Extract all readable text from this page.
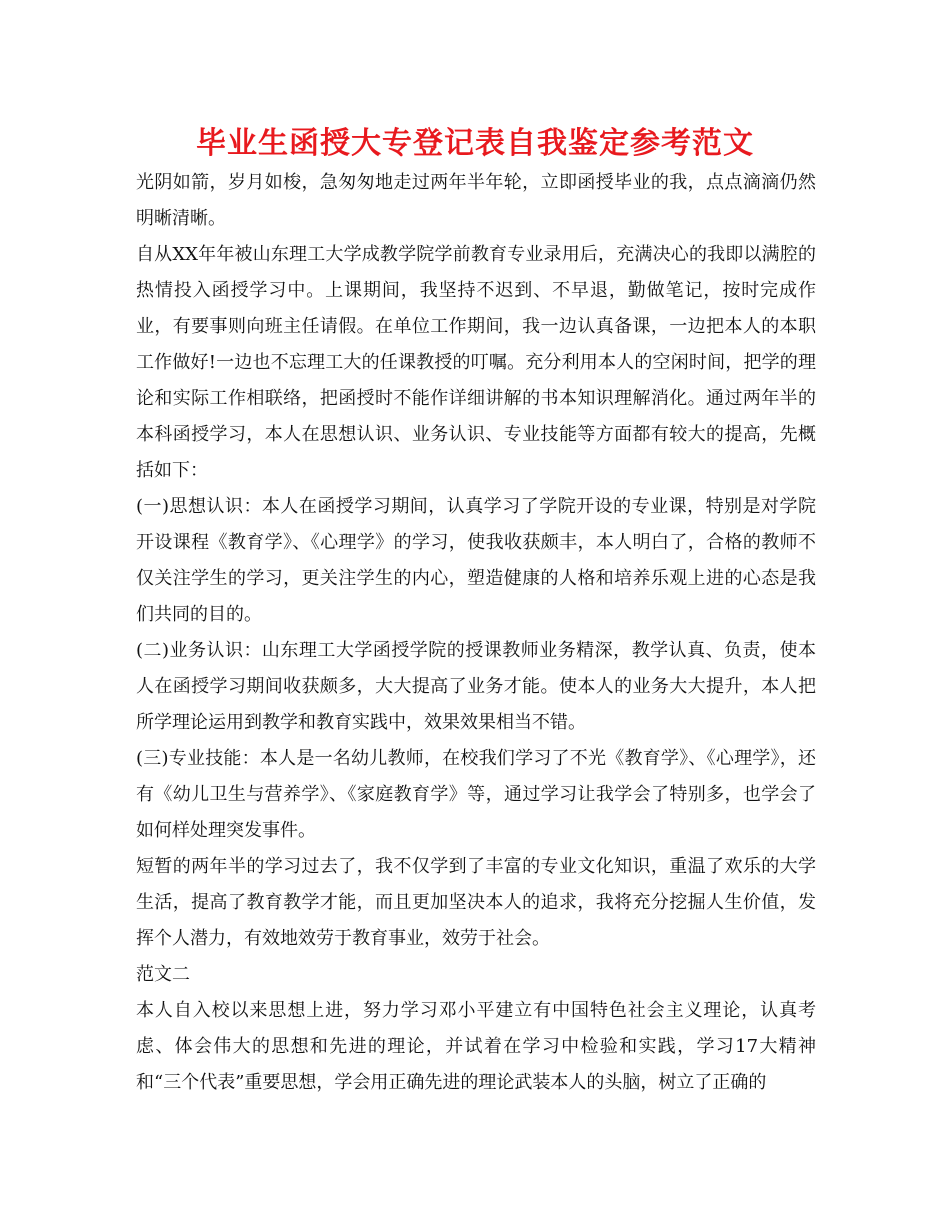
毕业生函授大专登记表自我鉴定参考范文

光阴如箭，岁月如梭，急匆匆地走过两年半年轮，立即函授毕业的我，点点滴滴仍然明晰清晰。

自从XX年年被山东理工大学成教学院学前教育专业录用后，充满决心的我即以满腔的热情投入函授学习中。上课期间，我坚持不迟到、不早退，勤做笔记，按时完成作业，有要事则向班主任请假。在单位工作期间，我一边认真备课，一边把本人的本职工作做好!一边也不忘理工大的任课教授的叮嘱。充分利用本人的空闲时间，把学的理论和实际工作相联络，把函授时不能作详细讲解的书本知识理解消化。通过两年半的本科函授学习，本人在思想认识、业务认识、专业技能等方面都有较大的提高，先概括如下：

(一)思想认识：本人在函授学习期间，认真学习了学院开设的专业课，特别是对学院开设课程《教育学》、《心理学》的学习，使我收获颇丰，本人明白了，合格的教师不仅关注学生的学习，更关注学生的内心，塑造健康的人格和培养乐观上进的心态是我们共同的目的。

(二)业务认识：山东理工大学函授学院的授课教师业务精深，教学认真、负责，使本人在函授学习期间收获颇多，大大提高了业务才能。使本人的业务大大提升，本人把所学理论运用到教学和教育实践中，效果效果相当不错。

(三)专业技能：本人是一名幼儿教师，在校我们学习了不光《教育学》、《心理学》，还有《幼儿卫生与营养学》、《家庭教育学》等，通过学习让我学会了特别多，也学会了如何样处理突发事件。

短暂的两年半的学习过去了，我不仅学到了丰富的专业文化知识，重温了欢乐的大学生活，提高了教育教学才能，而且更加坚决本人的追求，我将充分挖掘人生价值，发挥个人潜力，有效地效劳于教育事业，效劳于社会。

范文二

本人自入校以来思想上进，努力学习邓小平建立有中国特色社会主义理论，认真考虑、体会伟大的思想和先进的理论，并试着在学习中检验和实践，学习17大精神和“三个代表”重要思想，学会用正确先进的理论武装本人的头脑，树立了正确的
